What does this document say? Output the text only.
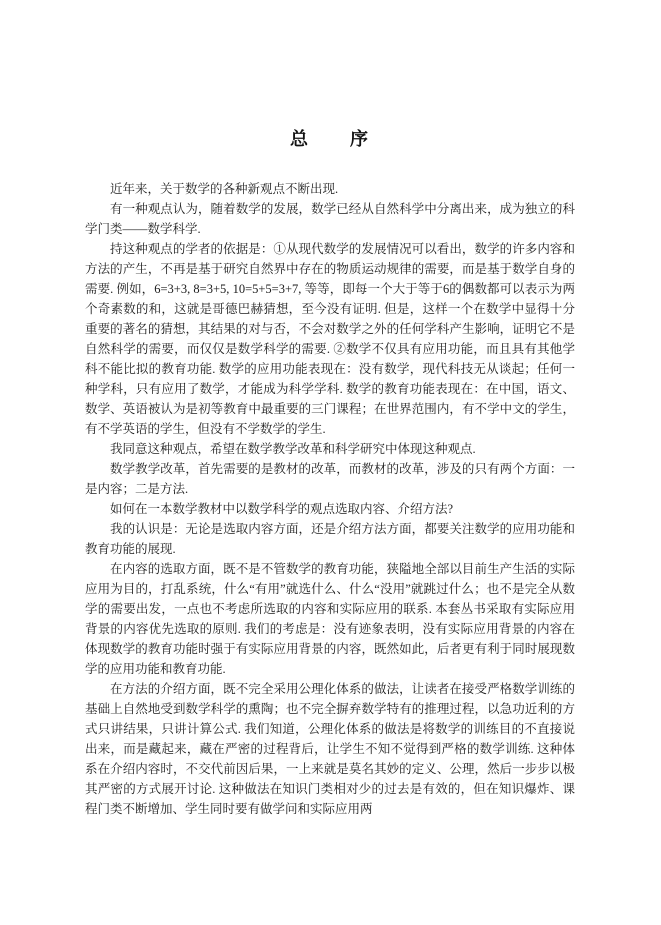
总　　序

近年来，关于数学的各种新观点不断出现.

有一种观点认为，随着数学的发展，数学已经从自然科学中分离出来，成为独立的科学门类——数学科学.

持这种观点的学者的依据是：①从现代数学的发展情况可以看出，数学的许多内容和方法的产生，不再是基于研究自然界中存在的物质运动规律的需要，而是基于数学自身的需要. 例如，6=3+3, 8=3+5, 10=5+5=3+7, 等等，即每一个大于等于6的偶数都可以表示为两个奇素数的和，这就是哥德巴赫猜想，至今没有证明. 但是，这样一个在数学中显得十分重要的著名的猜想，其结果的对与否，不会对数学之外的任何学科产生影响，证明它不是自然科学的需要，而仅仅是数学科学的需要. ②数学不仅具有应用功能，而且具有其他学科不能比拟的教育功能. 数学的应用功能表现在：没有数学，现代科技无从谈起；任何一种学科，只有应用了数学，才能成为科学学科. 数学的教育功能表现在：在中国，语文、数学、英语被认为是初等教育中最重要的三门课程；在世界范围内，有不学中文的学生，有不学英语的学生，但没有不学数学的学生.

我同意这种观点，希望在数学教学改革和科学研究中体现这种观点.

数学教学改革，首先需要的是教材的改革，而教材的改革，涉及的只有两个方面：一是内容；二是方法.

如何在一本数学教材中以数学科学的观点选取内容、介绍方法?

我的认识是：无论是选取内容方面，还是介绍方法方面，都要关注数学的应用功能和教育功能的展现.

在内容的选取方面，既不是不管数学的教育功能，狭隘地全部以目前生产生活的实际应用为目的，打乱系统，什么“有用”就选什么、什么“没用”就跳过什么；也不是完全从数学的需要出发，一点也不考虑所选取的内容和实际应用的联系. 本套丛书采取有实际应用背景的内容优先选取的原则. 我们的考虑是：没有迹象表明，没有实际应用背景的内容在体现数学的教育功能时强于有实际应用背景的内容，既然如此，后者更有利于同时展现数学的应用功能和教育功能.

在方法的介绍方面，既不完全采用公理化体系的做法，让读者在接受严格数学训练的基础上自然地受到数学科学的熏陶；也不完全摒弃数学特有的推理过程，以急功近利的方式只讲结果，只讲计算公式. 我们知道，公理化体系的做法是将数学的训练目的不直接说出来，而是藏起来，藏在严密的过程背后，让学生不知不觉得到严格的数学训练. 这种体系在介绍内容时，不交代前因后果，一上来就是莫名其妙的定义、公理，然后一步步以极其严密的方式展开讨论. 这种做法在知识门类相对少的过去是有效的，但在知识爆炸、课程门类不断增加、学生同时要有做学问和实际应用两
